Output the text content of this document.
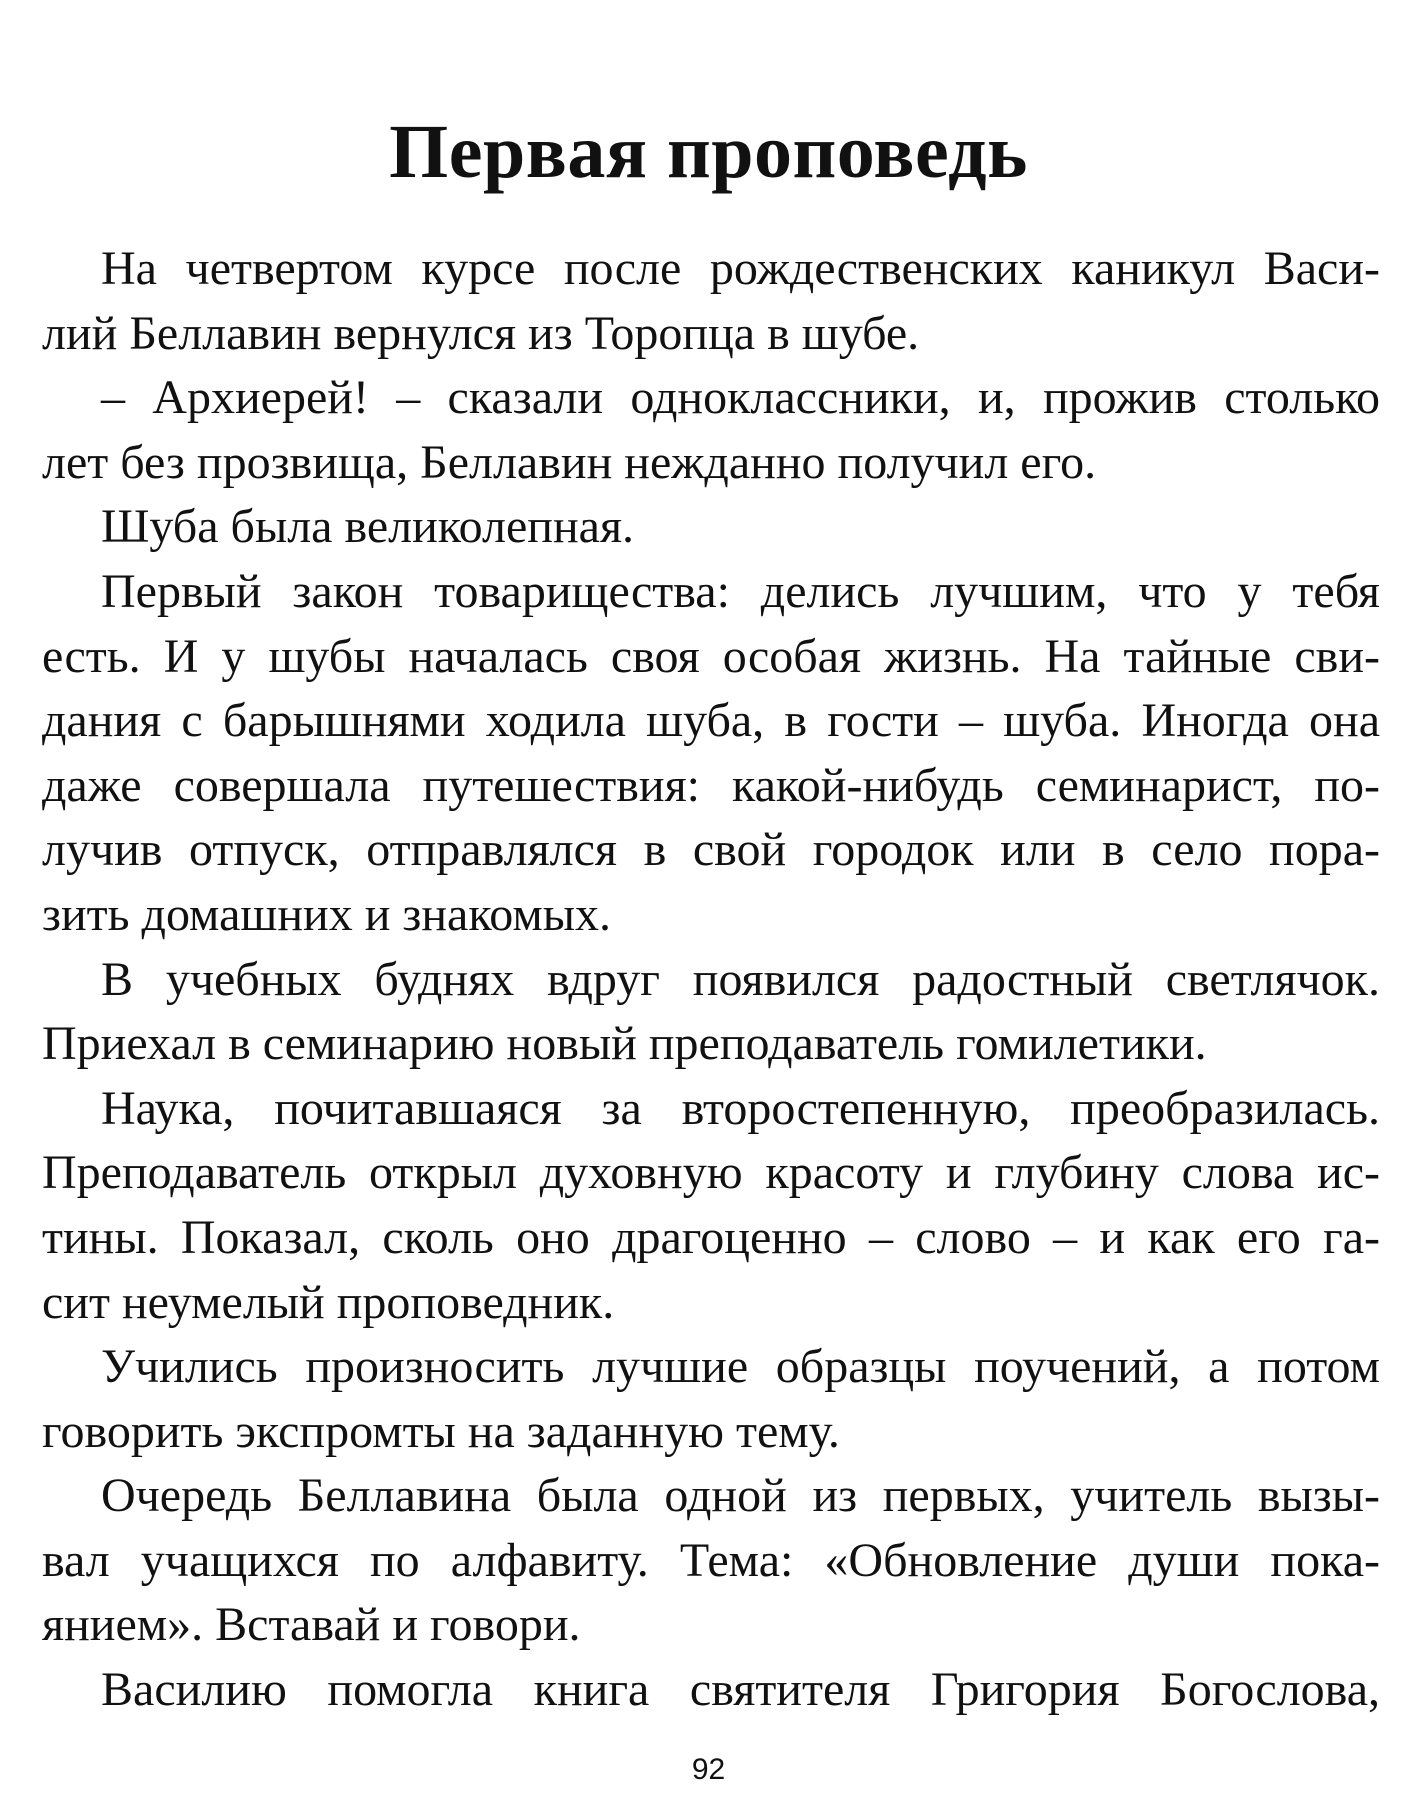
Первая проповедь
На четвертом курсе после рождественских каникул Васи-
лий Беллавин вернулся из Торопца в шубе.
– Архиерей! – сказали одноклассники, и, прожив столько
лет без прозвища, Беллавин нежданно получил его.
Шуба была великолепная.
Первый закон товарищества: делись лучшим, что у тебя
есть. И у шубы началась своя особая жизнь. На тайные сви-
дания с барышнями ходила шуба, в гости – шуба. Иногда она
даже совершала путешествия: какой-нибудь семинарист, по-
лучив отпуск, отправлялся в свой городок или в село пора-
зить домашних и знакомых.
В учебных буднях вдруг появился радостный светлячок.
Приехал в семинарию новый преподаватель гомилетики.
Наука, почитавшаяся за второстепенную, преобразилась.
Преподаватель открыл духовную красоту и глубину слова ис-
тины. Показал, сколь оно драгоценно – слово – и как его га-
сит неумелый проповедник.
Учились произносить лучшие образцы поучений, а потом
говорить экспромты на заданную тему.
Очередь Беллавина была одной из первых, учитель вызы-
вал учащихся по алфавиту. Тема: «Обновление души пока-
янием». Вставай и говори.
Василию помогла книга святителя Григория Богослова,
92
